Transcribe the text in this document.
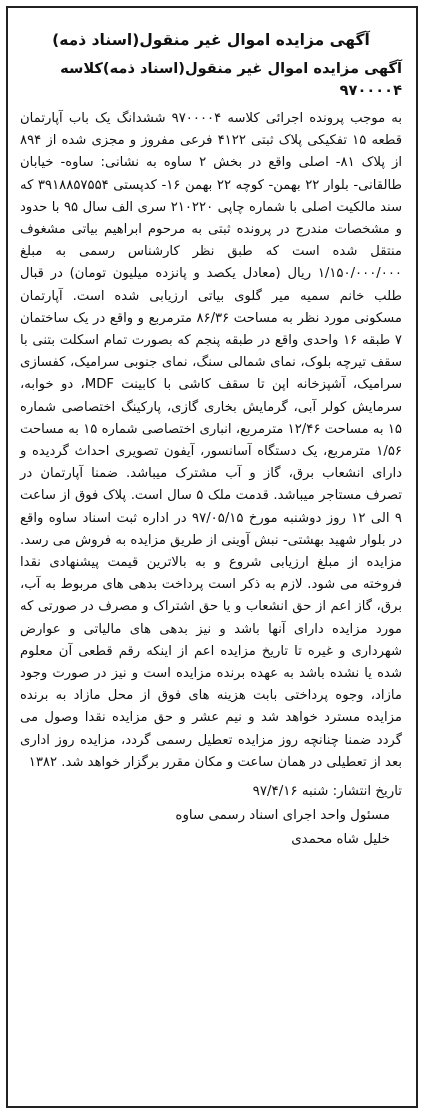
آگهی مزایده اموال غیر منقول(اسناد ذمه)
آگهی مزایده اموال غیر منقول(اسناد ذمه)کلاسه ۹۷۰۰۰۰۴

به موجب پرونده اجرائی کلاسه ۹۷۰۰۰۰۴ ششدانگ یک باب آپارتمان قطعه ۱۵ تفکیکی پلاک ثبتی ۴۱۲۲ فرعی مفروز و مجزی شده از ۸۹۴ از پلاک ۸۱- اصلی واقع در بخش ۲ ساوه به نشانی: ساوه- خیابان طالقانی- بلوار ۲۲ بهمن- کوچه ۲۲ بهمن ۱۶- کدپستی ۳۹۱۸۸۵۷۵۵۴ که سند مالکیت اصلی با شماره چاپی ۲۱۰۲۲۰ سری الف سال ۹۵ با حدود و مشخصات مندرج در پرونده ثبتی به مرحوم ابراهیم بیاتی مشغوف منتقل شده است که طبق نظر کارشناس رسمی به مبلغ ۱/۱۵۰/۰۰۰/۰۰۰ ریال (معادل یکصد و پانزده میلیون تومان) در قبال طلب خانم سمیه میر گلوی بیاتی ارزیابی شده است. آپارتمان مسکونی مورد نظر به مساحت ۸۶/۳۶ مترمربع و واقع در یک ساختمان ۷ طبقه ۱۶ واحدی واقع در طبقه پنجم که بصورت تمام اسکلت بتنی با سقف تیرچه بلوک، نمای شمالی سنگ، نمای جنوبی سرامیک، کفسازی سرامیک، آشپزخانه اپن تا سقف کاشی با کابینت MDF، دو خوابه، سرمایش کولر آبی، گرمایش بخاری گازی، پارکینگ اختصاصی شماره ۱۵ به مساحت ۱۲/۴۶ مترمربع، انباری اختصاصی شماره ۱۵ به مساحت ۱/۵۶ مترمربع، یک دستگاه آسانسور، آیفون تصویری احداث گردیده و دارای انشعاب برق، گاز و آب مشترک میباشد. ضمنا آپارتمان در تصرف مستاجر میباشد. قدمت ملک ۵ سال است. پلاک فوق از ساعت ۹ الی ۱۲ روز دوشنبه مورخ ۹۷/۰۵/۱۵ در اداره ثبت اسناد ساوه واقع در بلوار شهید بهشتی- نبش آوینی از طریق مزایده به فروش می رسد. مزایده از مبلغ ارزیابی شروع و به بالاترین قیمت پیشنهادی نقدا فروخته می شود. لازم به ذکر است پرداخت بدهی های مربوط به آب، برق، گاز اعم از حق انشعاب و یا حق اشتراک و مصرف در صورتی که مورد مزایده دارای آنها باشد و نیز بدهی های مالیاتی و عوارض شهرداری و غیره تا تاریخ مزایده اعم از اینکه رقم قطعی آن معلوم شده یا نشده باشد به عهده برنده مزایده است و نیز در صورت وجود مازاد، وجوه پرداختی بابت هزینه های فوق از محل مازاد به برنده مزایده مسترد خواهد شد و نیم عشر و حق مزایده نقدا وصول می گردد ضمنا چنانچه روز مزایده تعطیل رسمی گردد، مزایده روز اداری بعد از تعطیلی در همان ساعت و مکان مقرر برگزار خواهد شد. ۱۳۸۲

تاریخ انتشار: شنبه ۹۷/۴/۱۶
مسئول واحد اجرای اسناد رسمی ساوه
خلیل شاه محمدی
